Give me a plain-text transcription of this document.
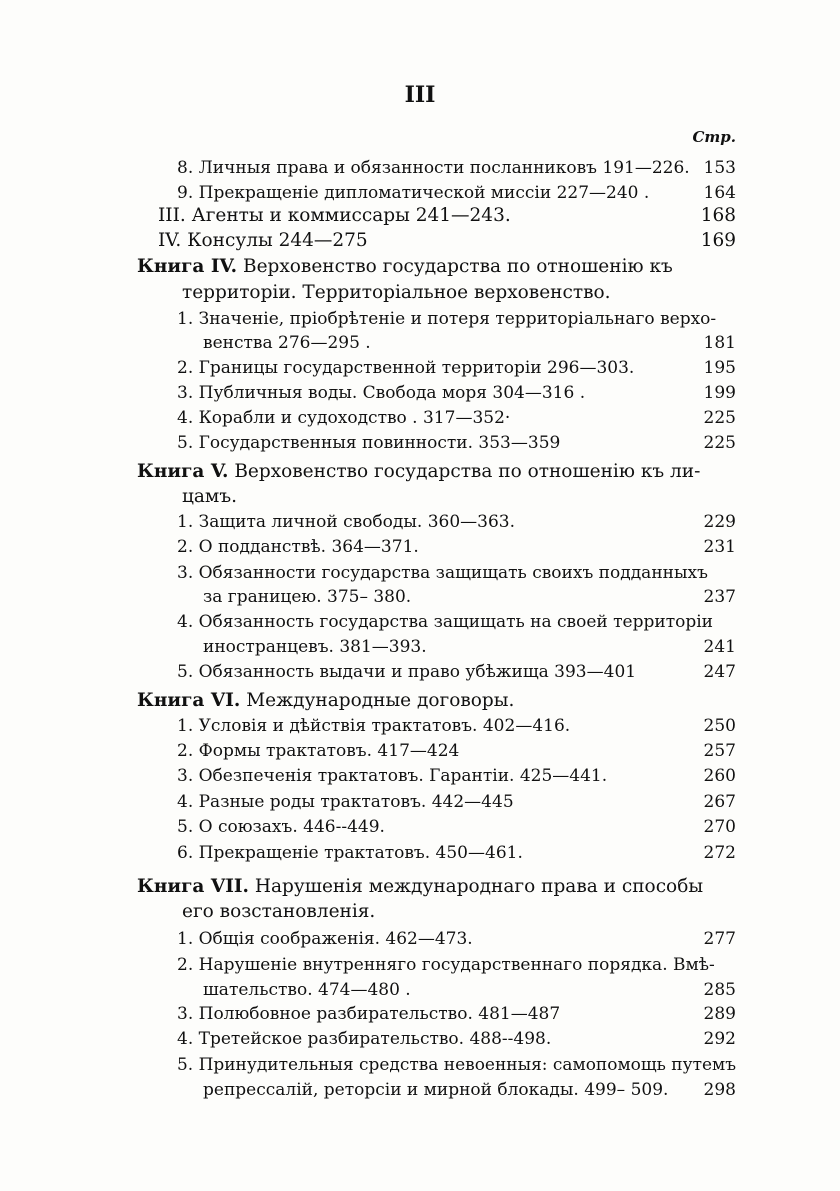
III
Стр.
8. Личныя права и обязанности посланниковъ 191—226. 153
9. Прекращеніе дипломатической миссіи 227—240 .	164
III. Агенты и коммиссары 241—243.	168
IV. Консулы 244—275	169
Книга IV. Верховенство государства по отношенію къ
территоріи. Территоріальное верховенство.
1. Значеніе, пріобрѣтеніе и потеря территоріальнаго верхо-
венства 276—295 .	181
2. Границы государственной территоріи 296—303.	195
3. Публичныя воды. Свобода моря 304—316 .	199
4. Корабли и судоходство . 317—352·	225
5. Государственныя повинности. 353—359	225
Книга V. Верховенство государства по отношенію къ ли-
цамъ.
1. Защита личной свободы. 360—363.	229
2. О подданствѣ. 364—371.	231
3. Обязанности государства защищать своихъ подданныхъ
за границею. 375– 380.	237
4. Обязанность государства защищать на своей территоріи
иностранцевъ. 381—393.	241
5. Обязанность выдачи и право убѣжища 393—401	247
Книга VI. Международные договоры.
1. Условія и дѣйствія трактатовъ. 402—416.	250
2. Формы трактатовъ. 417—424	257
3. Обезпеченія трактатовъ. Гарантіи. 425—441.	260
4. Разные роды трактатовъ. 442—445	267
5. О союзахъ. 446--449.	270
6. Прекращеніе трактатовъ. 450—461.	272
Книга VII. Нарушенія международнаго права и способы
его возстановленія.
1. Общія соображенія. 462—473.	277
2. Нарушеніе внутренняго государственнаго порядка. Вмѣ-
шательство. 474—480 .	285
3. Полюбовное разбирательство. 481—487	289
4. Третейское разбирательство. 488--498.	292
5. Принудительныя средства невоенныя: самопомощь путемъ
репрессалій, реторсіи и мирной блокады. 499– 509. 298
